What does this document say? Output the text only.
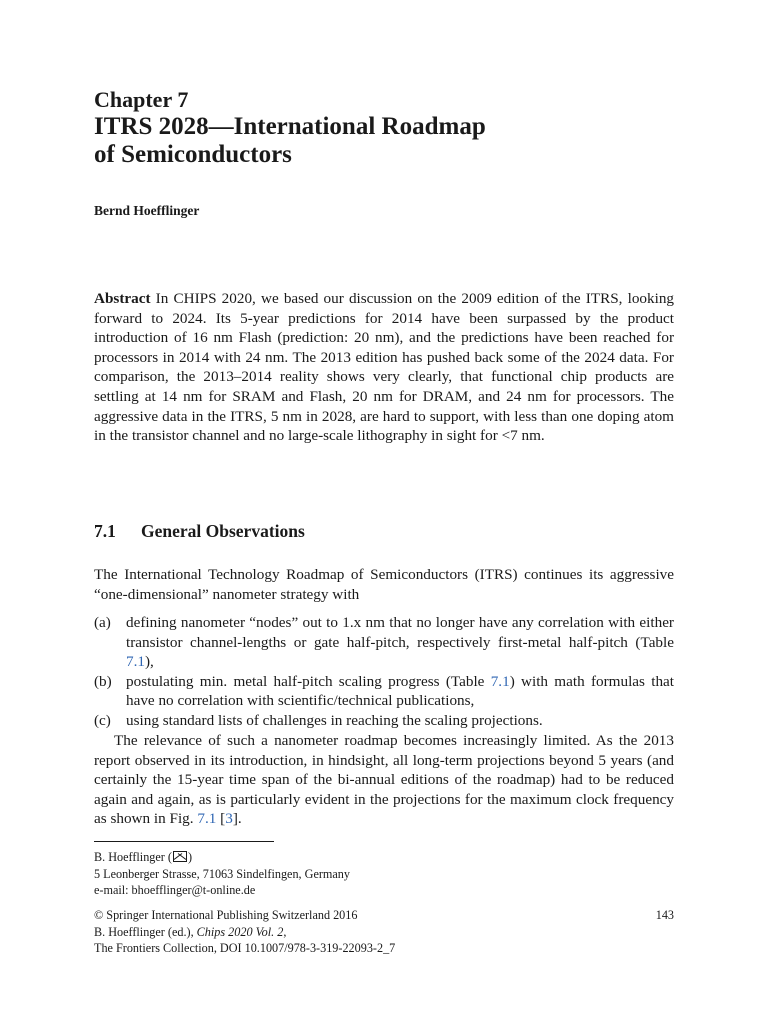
Chapter 7
ITRS 2028—International Roadmap
of Semiconductors
Bernd Hoefflinger

Abstract In CHIPS 2020, we based our discussion on the 2009 edition of the ITRS, looking forward to 2024. Its 5-year predictions for 2014 have been surpassed by the product introduction of 16 nm Flash (prediction: 20 nm), and the predictions have been reached for processors in 2014 with 24 nm. The 2013 edition has pushed back some of the 2024 data. For comparison, the 2013–2014 reality shows very clearly, that functional chip products are settling at 14 nm for SRAM and Flash, 20 nm for DRAM, and 24 nm for processors. The aggressive data in the ITRS, 5 nm in 2028, are hard to support, with less than one doping atom in the transistor channel and no large-scale lithography in sight for <7 nm.

7.1 General Observations

The International Technology Roadmap of Semiconductors (ITRS) continues its aggressive “one-dimensional” nanometer strategy with

(a) defining nanometer “nodes” out to 1.x nm that no longer have any correlation with either transistor channel-lengths or gate half-pitch, respectively first-metal half-pitch (Table 7.1),
(b) postulating min. metal half-pitch scaling progress (Table 7.1) with math formulas that have no correlation with scientific/technical publications,
(c) using standard lists of challenges in reaching the scaling projections.

The relevance of such a nanometer roadmap becomes increasingly limited. As the 2013 report observed in its introduction, in hindsight, all long-term projections beyond 5 years (and certainly the 15-year time span of the bi-annual editions of the roadmap) had to be reduced again and again, as is particularly evident in the projections for the maximum clock frequency as shown in Fig. 7.1 [3].

B. Hoefflinger ( )
5 Leonberger Strasse, 71063 Sindelfingen, Germany
e-mail: bhoefflinger@t-online.de
© Springer International Publishing Switzerland 2016
B. Hoefflinger (ed.), Chips 2020 Vol. 2,
The Frontiers Collection, DOI 10.1007/978-3-319-22093-2_7
143
